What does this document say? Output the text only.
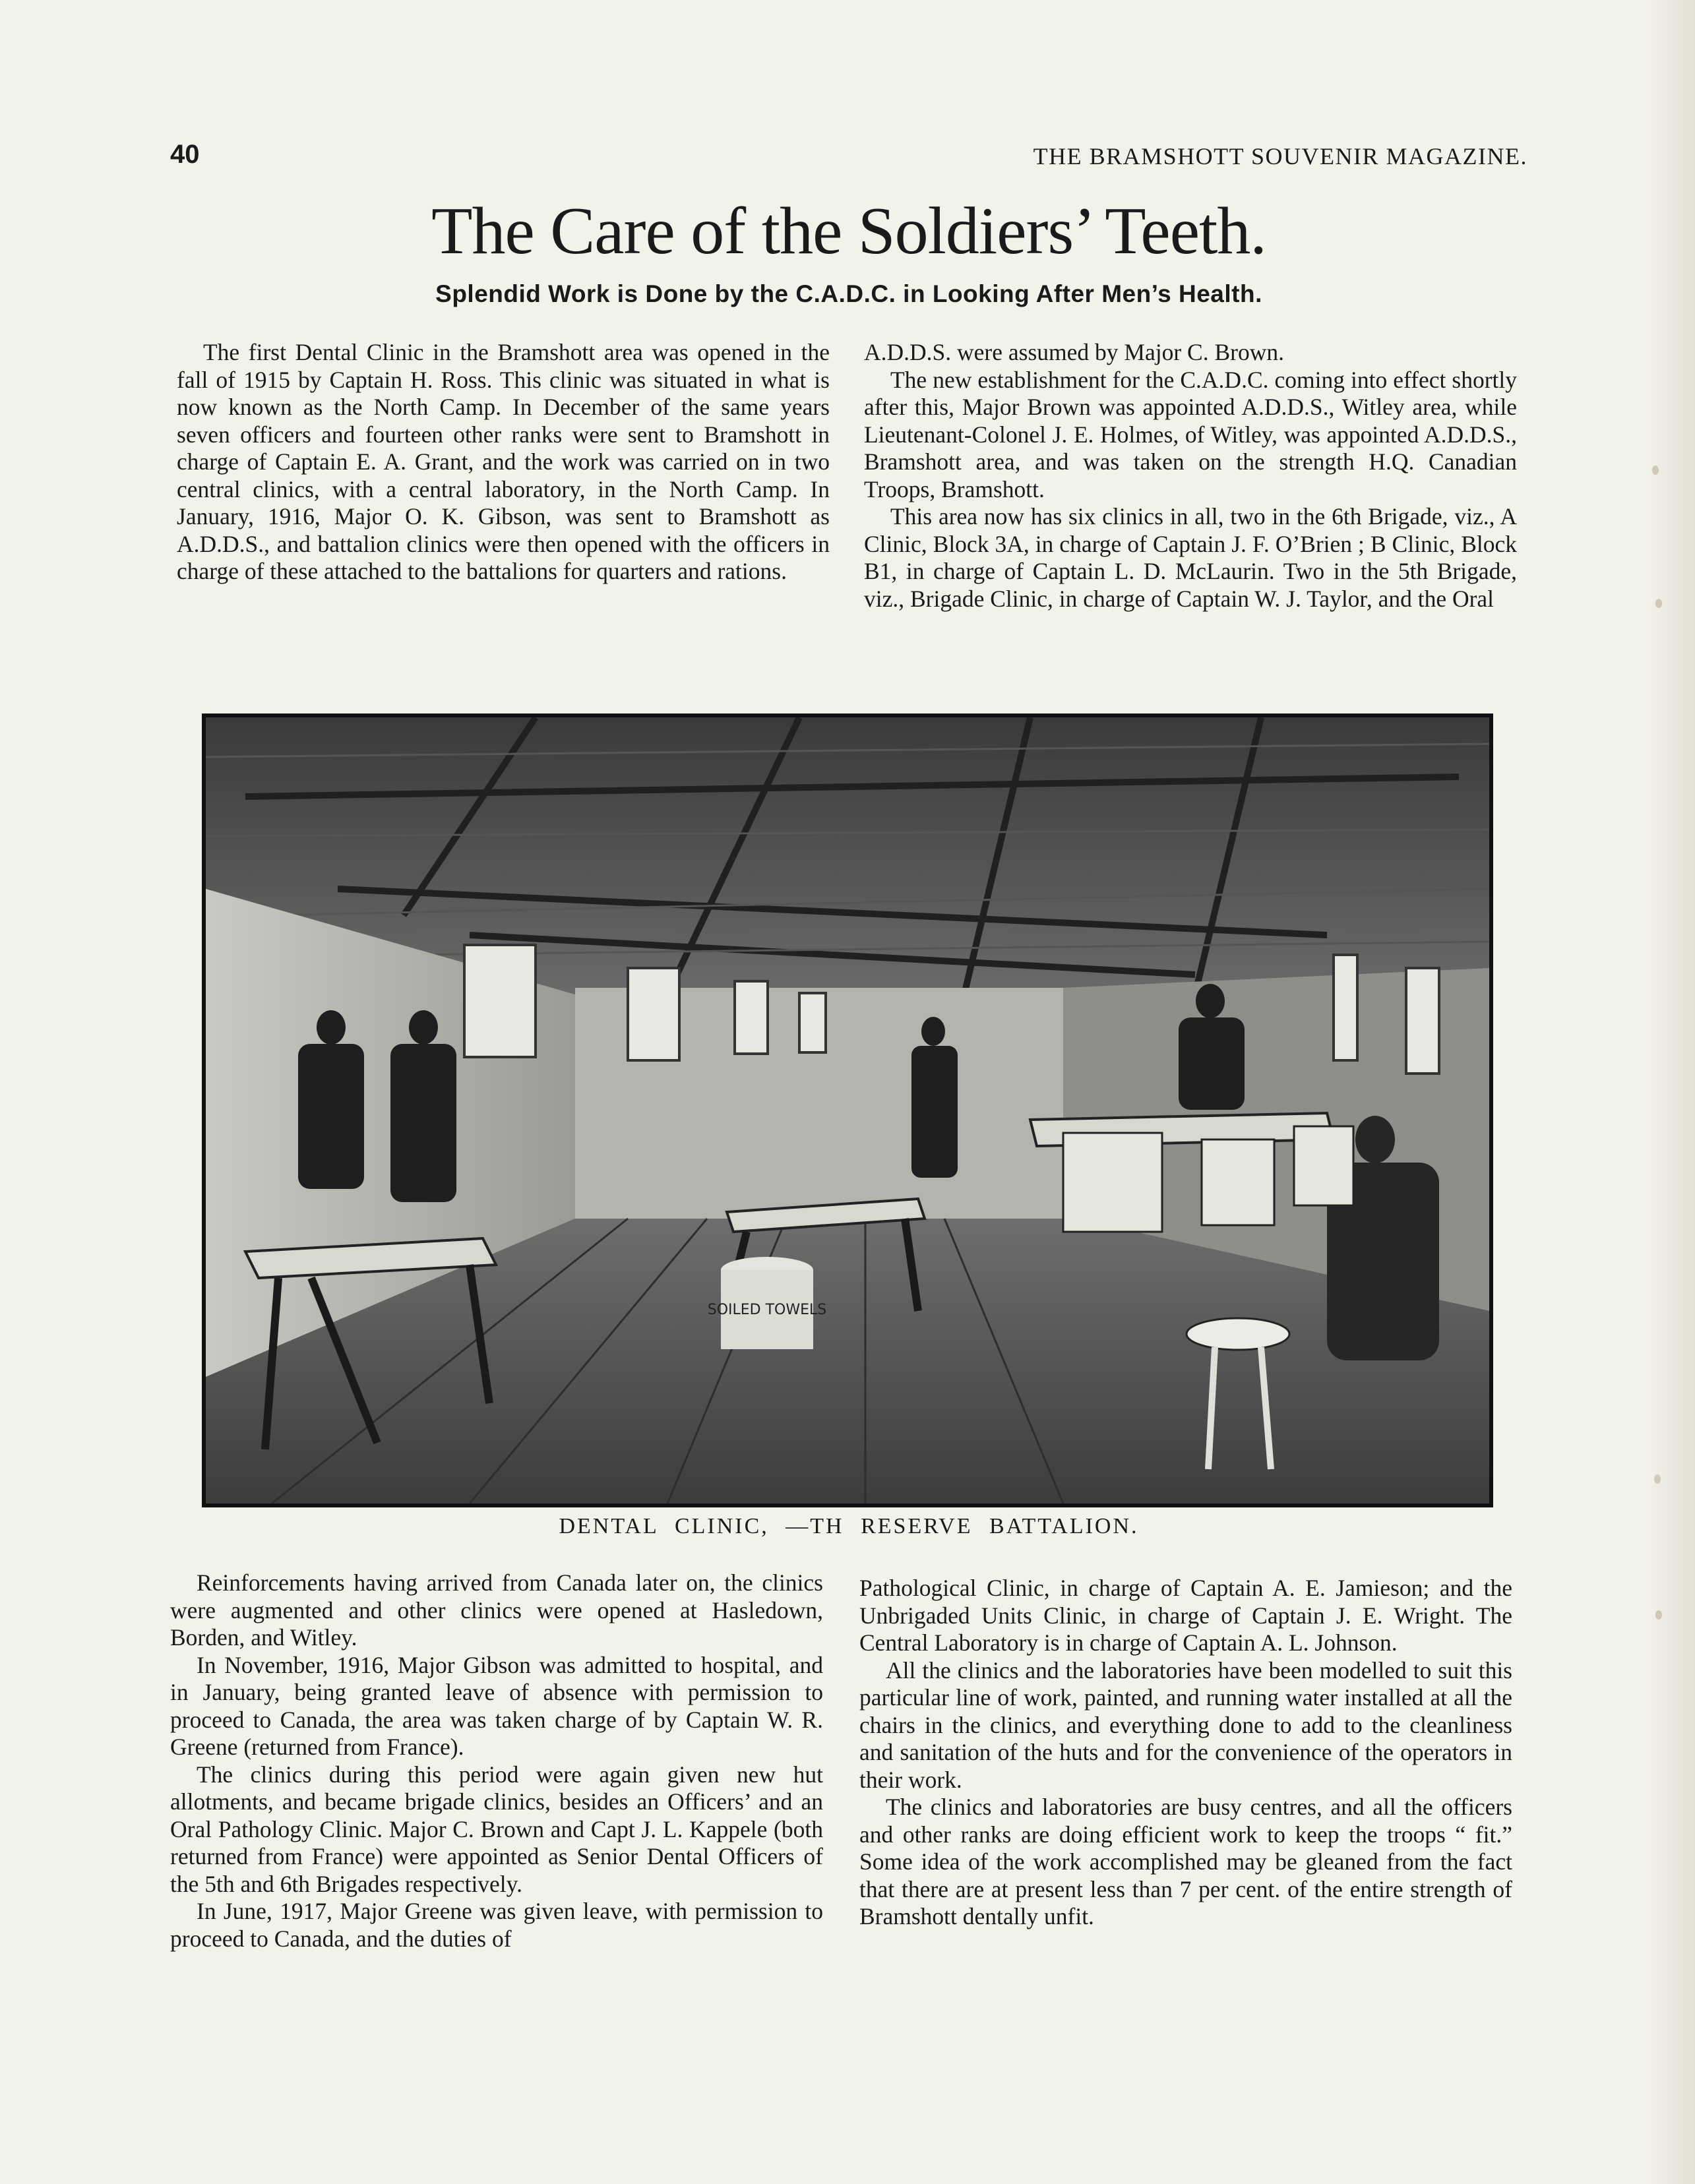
40	THE BRAMSHOTT SOUVENIR MAGAZINE.
The Care of the Soldiers’ Teeth.
Splendid Work is Done by the C.A.D.C. in Looking After Men’s Health.

The first Dental Clinic in the Bramshott area was opened in the fall of 1915 by Captain H. Ross. This clinic was situated in what is now known as the North Camp. In December of the same years seven officers and fourteen other ranks were sent to Bramshott in charge of Captain E. A. Grant, and the work was carried on in two central clinics, with a central laboratory, in the North Camp. In January, 1916, Major O. K. Gibson, was sent to Bramshott as A.D.D.S., and battalion clinics were then opened with the officers in charge of these attached to the battalions for quarters and rations.

A.D.D.S. were assumed by Major C. Brown.

The new establishment for the C.A.D.C. coming into effect shortly after this, Major Brown was appointed A.D.D.S., Witley area, while Lieutenant-Colonel J. E. Holmes, of Witley, was appointed A.D.D.S., Bramshott area, and was taken on the strength H.Q. Canadian Troops, Bramshott.

This area now has six clinics in all, two in the 6th Brigade, viz., A Clinic, Block 3A, in charge of Captain J. F. O’Brien ; B Clinic, Block B1, in charge of Captain L. D. McLaurin. Two in the 5th Brigade, viz., Brigade Clinic, in charge of Captain W. J. Taylor, and the Oral

SOILED TOWELS
DENTAL CLINIC, —TH RESERVE BATTALION.

Reinforcements having arrived from Canada later on, the clinics were augmented and other clinics were opened at Hasledown, Borden, and Witley.

In November, 1916, Major Gibson was admitted to hospital, and in January, being granted leave of absence with permission to proceed to Canada, the area was taken charge of by Captain W. R. Greene (returned from France).

The clinics during this period were again given new hut allotments, and became brigade clinics, besides an Officers’ and an Oral Pathology Clinic. Major C. Brown and Capt J. L. Kappele (both returned from France) were appointed as Senior Dental Officers of the 5th and 6th Brigades respectively.

In June, 1917, Major Greene was given leave, with permission to proceed to Canada, and the duties of

Pathological Clinic, in charge of Captain A. E. Jamieson; and the Unbrigaded Units Clinic, in charge of Captain J. E. Wright. The Central Laboratory is in charge of Captain A. L. Johnson.

All the clinics and the laboratories have been modelled to suit this particular line of work, painted, and running water installed at all the chairs in the clinics, and everything done to add to the cleanliness and sanitation of the huts and for the convenience of the operators in their work.

The clinics and laboratories are busy centres, and all the officers and other ranks are doing efficient work to keep the troops “ fit.” Some idea of the work accomplished may be gleaned from the fact that there are at present less than 7 per cent. of the entire strength of Bramshott dentally unfit.
